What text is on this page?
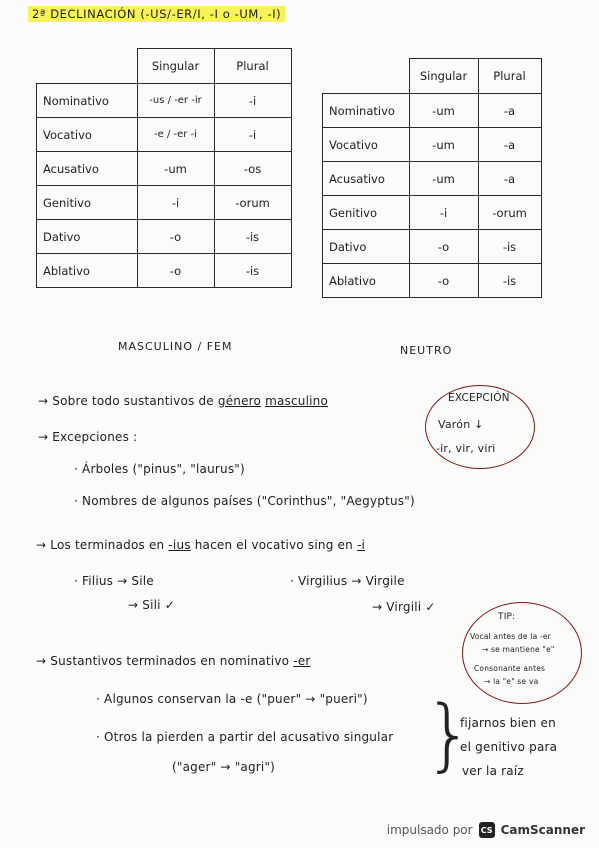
2ª DECLINACIÓN (-US/-ER/I, -I o -UM, -I)
	Singular	Plural
Nominativo	-us / -er -ir	-i
Vocativo	-e / -er -i	-i
Acusativo	-um	-os
Genitivo	-i	-orum
Dativo	-o	-is
Ablativo	-o	-is
MASCULINO / FEM
	Singular	Plural
Nominativo	-um	-a
Vocativo	-um	-a
Acusativo	-um	-a
Genitivo	-i	-orum
Dativo	-o	-is
Ablativo	-o	-is
NEUTRO
→ Sobre todo sustantivos de género masculino
→ Excepciones :
· Árboles ("pinus", "laurus")
· Nombres de algunos países ("Corinthus", "Aegyptus")
EXCEPCIÓN
Varón ↓
-ir, vir, viri
→ Los terminados en -ius hacen el vocativo sing en -i
· Filius → Sile
→ Sili ✓
· Virgilius → Virgile
→ Virgili ✓
TIP:
Vocal antes de la -er
→ se mantiene "e"
Consonante antes
→ la "e" se va
→ Sustantivos terminados en nominativo -er
· Algunos conservan la -e ("puer" → "pueri")
· Otros la pierden a partir del acusativo singular
("ager" → "agri") }
fijarnos bien en
el genitivo para
ver la raíz
impulsado por CS CamScanner
